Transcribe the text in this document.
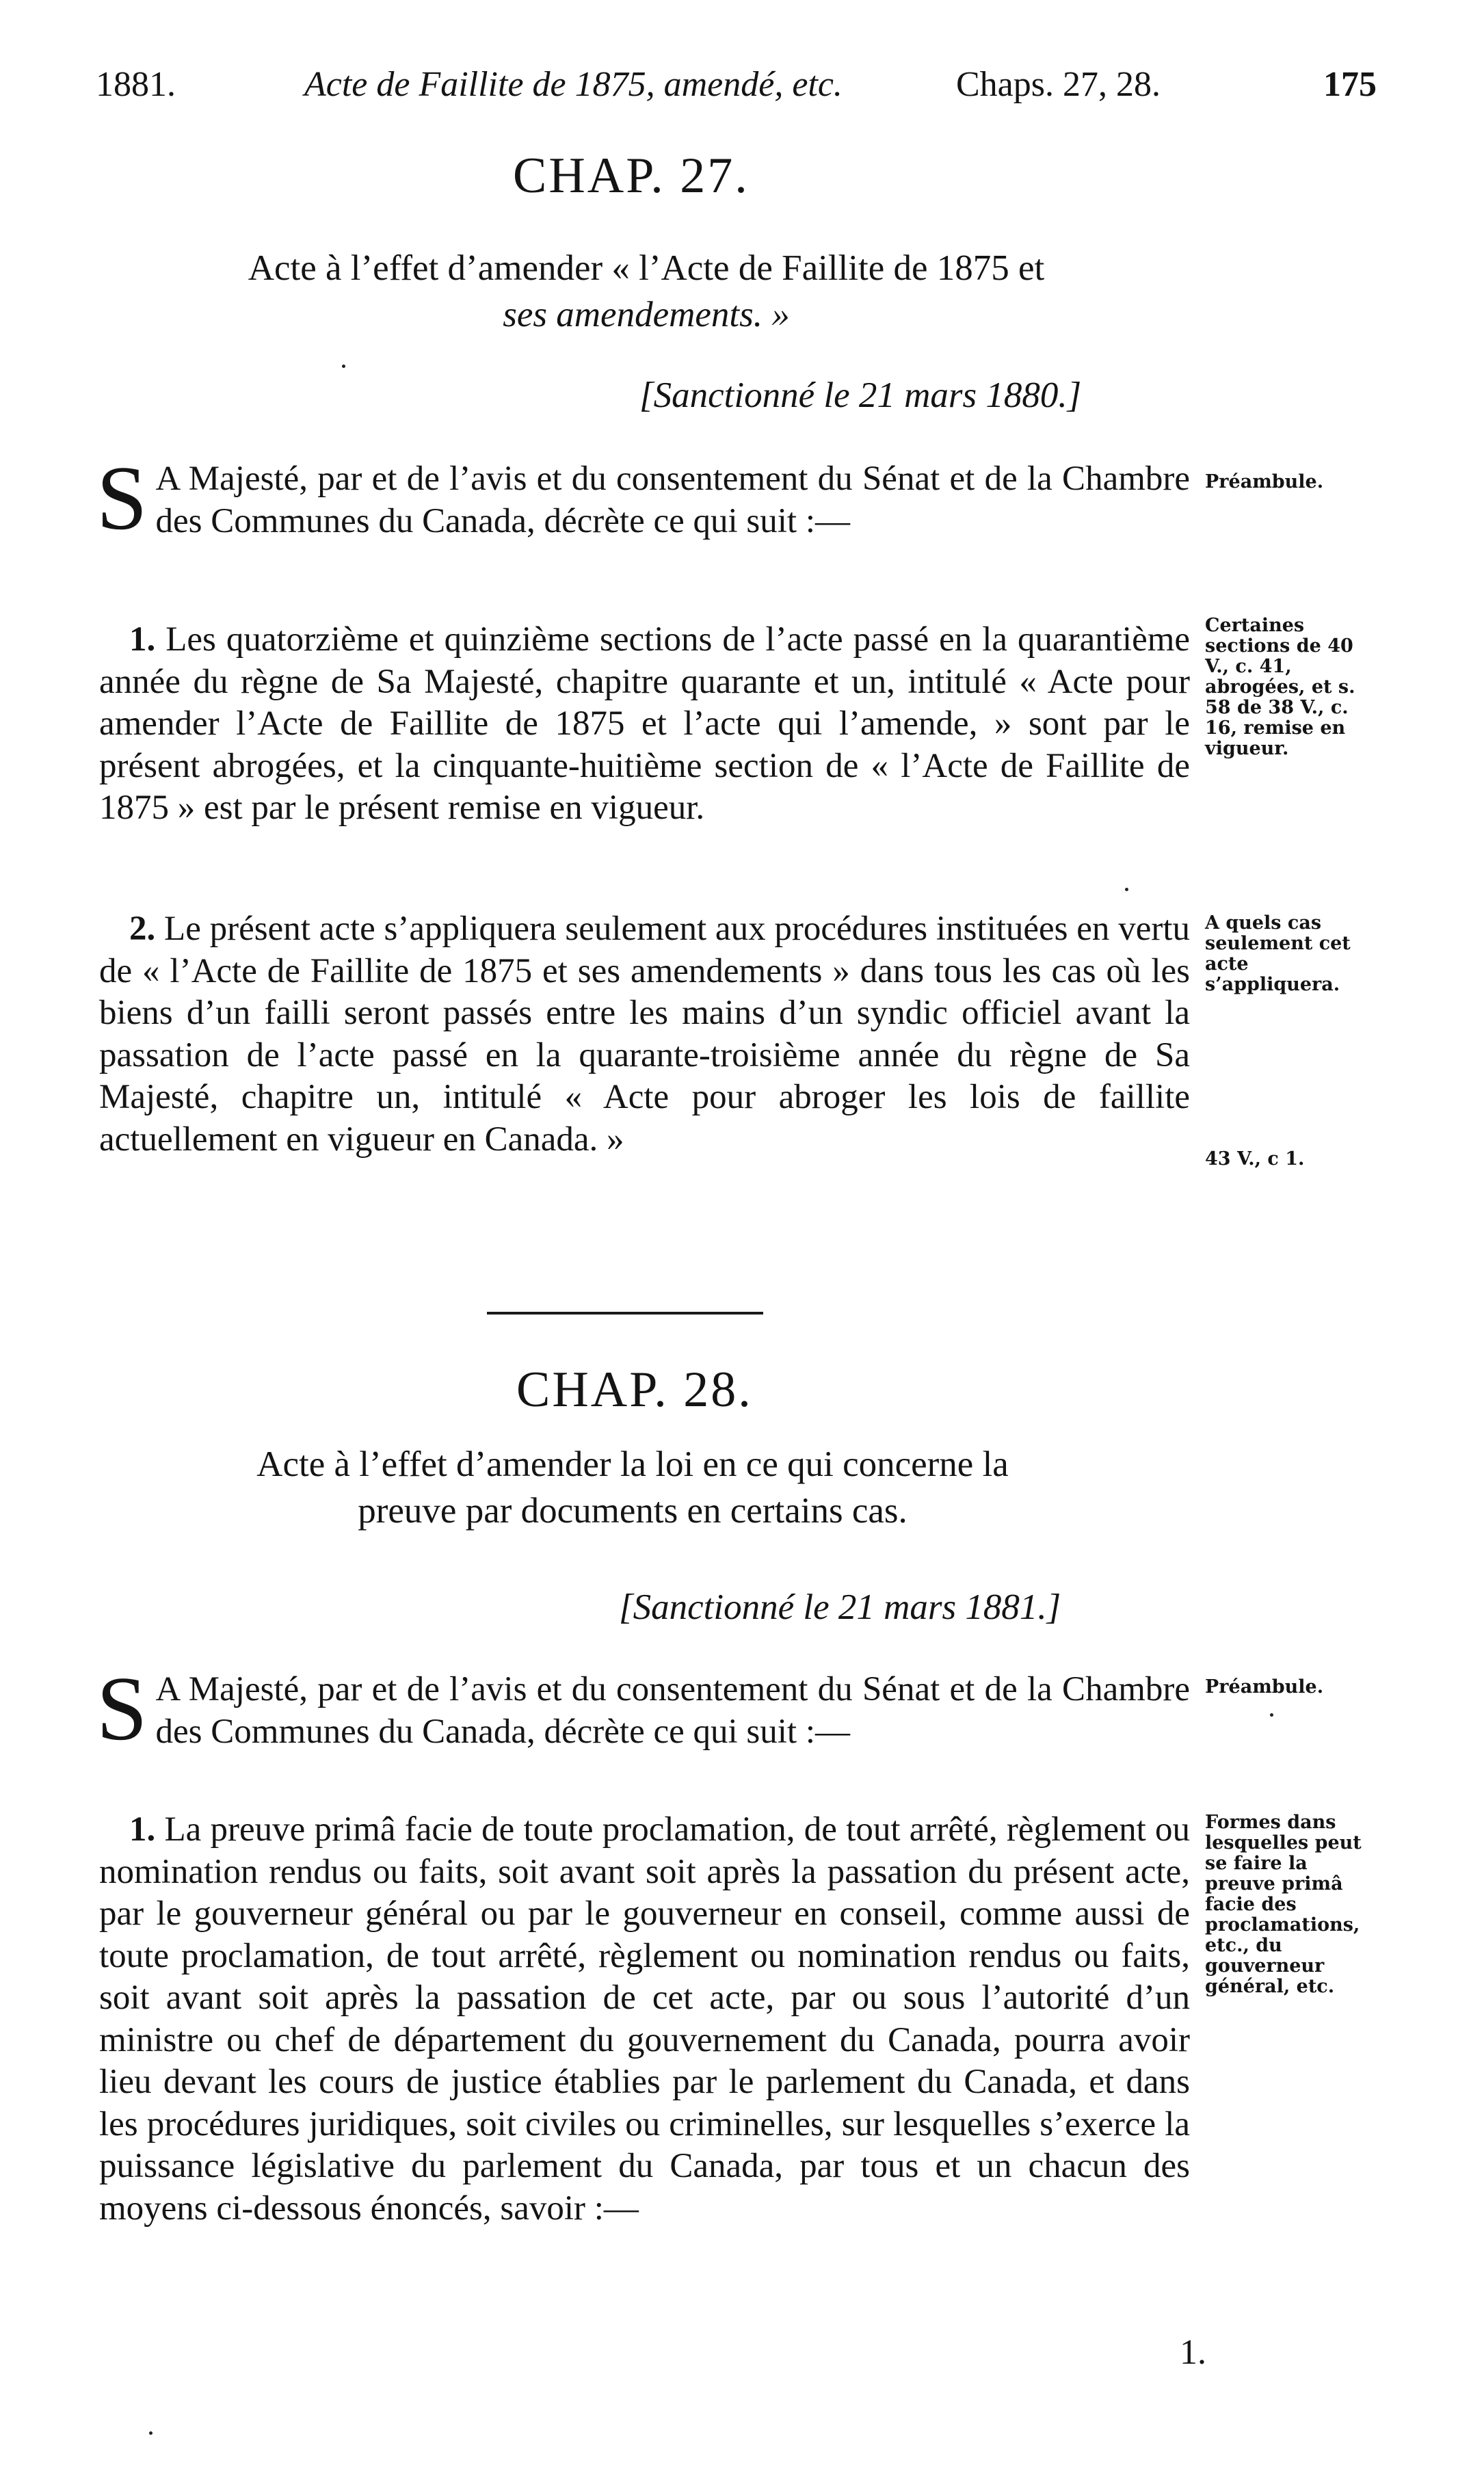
1881.	Acte de Faillite de 1875, amendé, etc.	Chaps. 27, 28.	175
CHAP. 27.
Acte à l’effet d’amender « l’Acte de Faillite de 1875 et
ses amendements. »
[Sanctionné le 21 mars 1880.]
S A Majesté, par et de l’avis et du consentement du Sénat et de la Chambre des Communes du Canada, décrète ce qui suit :—
Préambule.
1. Les quatorzième et quinzième sections de l’acte passé en la quarantième année du règne de Sa Majesté, chapitre quarante et un, intitulé « Acte pour amender l’Acte de Faillite de 1875 et l’acte qui l’amende, » sont par le présent abrogées, et la cinquante-huitième section de « l’Acte de Faillite de 1875 » est par le présent remise en vigueur.
Certaines sections de 40 V., c. 41, abrogées, et s. 58 de 38 V., c. 16, remise en vigueur.
2. Le présent acte s’appliquera seulement aux procédures instituées en vertu de « l’Acte de Faillite de 1875 et ses amendements » dans tous les cas où les biens d’un failli seront passés entre les mains d’un syndic officiel avant la passation de l’acte passé en la quarante-troisième année du règne de Sa Majesté, chapitre un, intitulé « Acte pour abroger les lois de faillite actuellement en vigueur en Canada. »
A quels cas seulement cet acte s’appliquera.
43 V., c 1.
CHAP. 28.
Acte à l’effet d’amender la loi en ce qui concerne la
preuve par documents en certains cas.
[Sanctionné le 21 mars 1881.]
S A Majesté, par et de l’avis et du consentement du Sénat et de la Chambre des Communes du Canada, décrète ce qui suit :—
Préambule.
1. La preuve primâ facie de toute proclamation, de tout arrêté, règlement ou nomination rendus ou faits, soit avant soit après la passation du présent acte, par le gouverneur général ou par le gouverneur en conseil, comme aussi de toute proclamation, de tout arrêté, règlement ou nomination rendus ou faits, soit avant soit après la passation de cet acte, par ou sous l’autorité d’un ministre ou chef de département du gouvernement du Canada, pourra avoir lieu devant les cours de justice établies par le parlement du Canada, et dans les procédures juridiques, soit civiles ou criminelles, sur lesquelles s’exerce la puissance législative du parlement du Canada, par tous et un chacun des moyens ci-dessous énoncés, savoir :—
Formes dans lesquelles peut se faire la preuve primâ facie des proclamations, etc., du gouverneur général, etc.
1.
